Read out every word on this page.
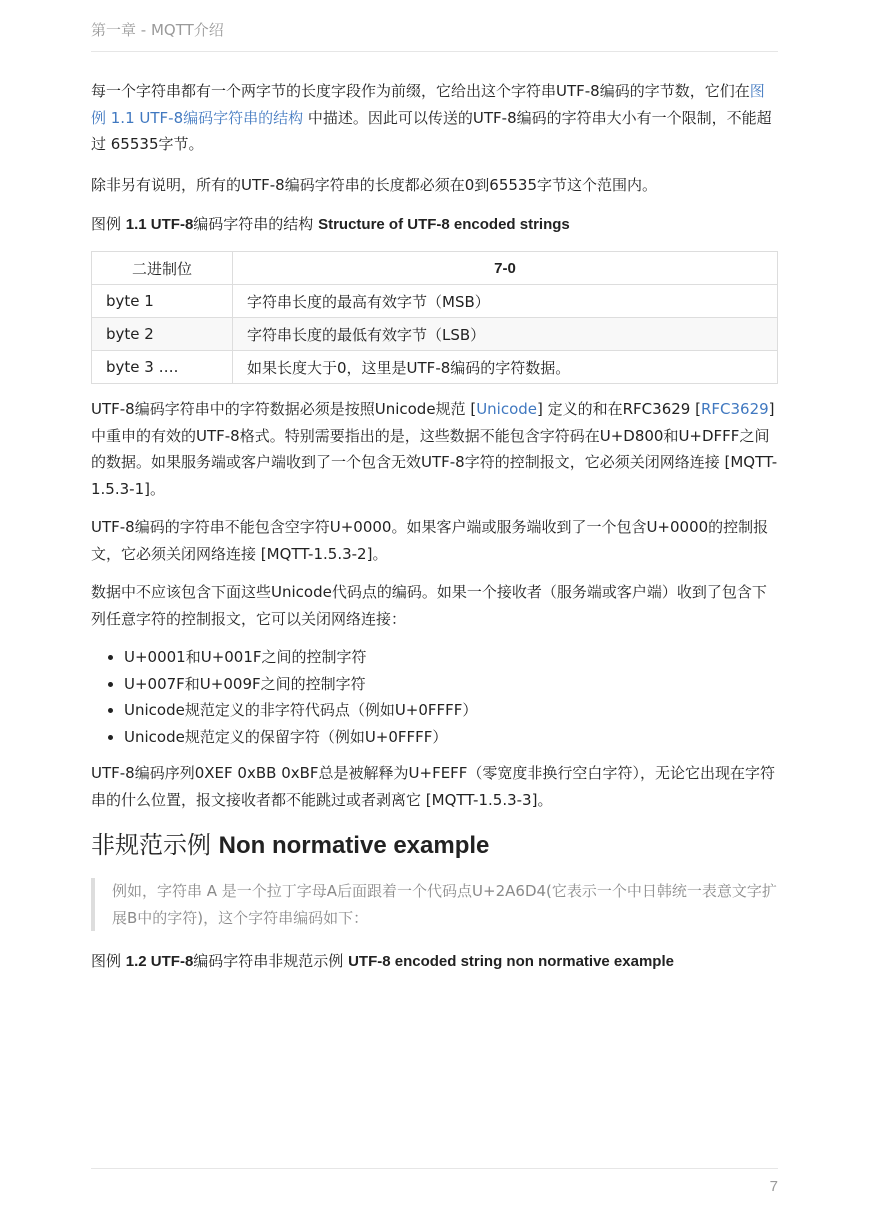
第一章 - MQTT介绍

每一个字符串都有一个两字节的长度字段作为前缀，它给出这个字符串UTF-8编码的字节数，它们在图例 1.1 UTF-8编码字符串的结构 中描述。因此可以传送的UTF-8编码的字符串大小有一个限制，不能超过 65535字节。

除非另有说明，所有的UTF-8编码字符串的长度都必须在0到65535字节这个范围内。

图例 1.1 UTF-8编码字符串的结构 Structure of UTF-8 encoded strings
二进制位	7-0
byte 1	字符串长度的最高有效字节（MSB）
byte 2	字符串长度的最低有效字节（LSB）
byte 3 ….	如果长度大于0，这里是UTF-8编码的字符数据。

UTF-8编码字符串中的字符数据必须是按照Unicode规范 [Unicode] 定义的和在RFC3629 [RFC3629] 中重申的有效的UTF-8格式。特别需要指出的是，这些数据不能包含字符码在U+D800和U+DFFF之间的数据。如果服务端或客户端收到了一个包含无效UTF-8字符的控制报文，它必须关闭网络连接 [MQTT-1.5.3-1]。

UTF-8编码的字符串不能包含空字符U+0000。如果客户端或服务端收到了一个包含U+0000的控制报文，它必须关闭网络连接 [MQTT-1.5.3-2]。

数据中不应该包含下面这些Unicode代码点的编码。如果一个接收者（服务端或客户端）收到了包含下列任意字符的控制报文，它可以关闭网络连接：

• U+0001和U+001F之间的控制字符
• U+007F和U+009F之间的控制字符
• Unicode规范定义的非字符代码点（例如U+0FFFF）
• Unicode规范定义的保留字符（例如U+0FFFF）

UTF-8编码序列0XEF 0xBB 0xBF总是被解释为U+FEFF（零宽度非换行空白字符），无论它出现在字符串的什么位置，报文接收者都不能跳过或者剥离它 [MQTT-1.5.3-3]。

非规范示例 Non normative example
例如，字符串 A 是一个拉丁字母A后面跟着一个代码点U+2A6D4(它表示一个中日韩统一表意文字扩展B中的字符)，这个字符串编码如下：
图例 1.2 UTF-8编码字符串非规范示例 UTF-8 encoded string non normative example
7
